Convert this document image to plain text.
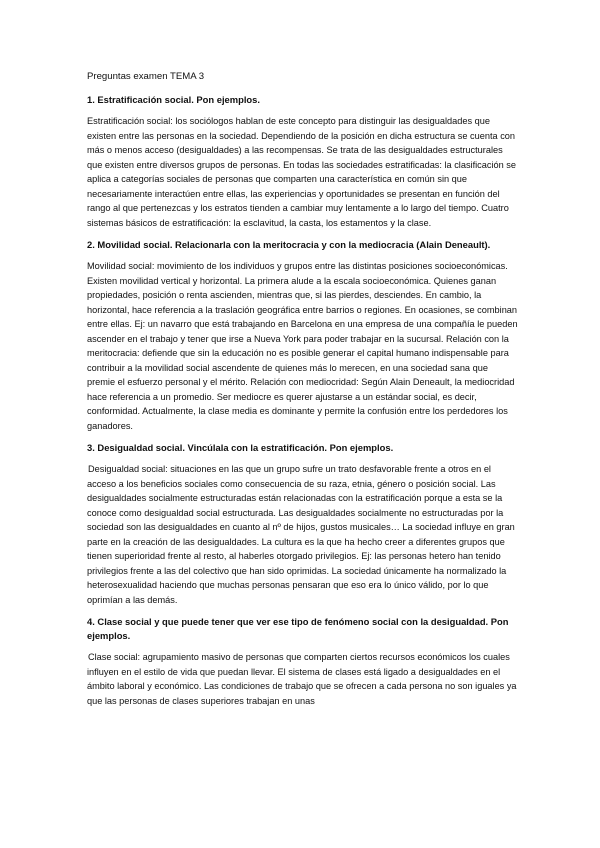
Preguntas examen TEMA 3

1. Estratificación social. Pon ejemplos.

Estratificación social: los sociólogos hablan de este concepto para distinguir las desigualdades que existen entre las personas en la sociedad. Dependiendo de la posición en dicha estructura se cuenta con más o menos acceso (desigualdades) a las recompensas. Se trata de las desigualdades estructurales que existen entre diversos grupos de personas. En todas las sociedades estratificadas: la clasificación se aplica a categorías sociales de personas que comparten una característica en común sin que necesariamente interactúen entre ellas, las experiencias y oportunidades se presentan en función del rango al que pertenezcas y los estratos tienden a cambiar muy lentamente a lo largo del tiempo. Cuatro sistemas básicos de estratificación: la esclavitud, la casta, los estamentos y la clase.

2. Movilidad social. Relacionarla con la meritocracia y con la mediocracia (Alain Deneault).

Movilidad social: movimiento de los individuos y grupos entre las distintas posiciones socioeconómicas. Existen movilidad vertical y horizontal. La primera alude a la escala socioeconómica. Quienes ganan propiedades, posición o renta ascienden, mientras que, si las pierdes, desciendes. En cambio, la horizontal, hace referencia a la traslación geográfica entre barrios o regiones. En ocasiones, se combinan entre ellas. Ej: un navarro que está trabajando en Barcelona en una empresa de una compañía le pueden ascender en el trabajo y tener que irse a Nueva York para poder trabajar en la sucursal. Relación con la meritocracia: defiende que sin la educación no es posible generar el capital humano indispensable para contribuir a la movilidad social ascendente de quienes más lo merecen, en una sociedad sana que premie el esfuerzo personal y el mérito. Relación con mediocridad: Según Alain Deneault, la mediocridad hace referencia a un promedio. Ser mediocre es querer ajustarse a un estándar social, es decir, conformidad. Actualmente, la clase media es dominante y permite la confusión entre los perdedores los ganadores.

3. Desigualdad social. Vincúlala con la estratificación. Pon ejemplos.

Desigualdad social: situaciones en las que un grupo sufre un trato desfavorable frente a otros en el acceso a los beneficios sociales como consecuencia de su raza, etnia, género o posición social. Las desigualdades socialmente estructuradas están relacionadas con la estratificación porque a esta se la conoce como desigualdad social estructurada. Las desigualdades socialmente no estructuradas por la sociedad son las desigualdades en cuanto al nº de hijos, gustos musicales… La sociedad influye en gran parte en la creación de las desigualdades. La cultura es la que ha hecho creer a diferentes grupos que tienen superioridad frente al resto, al haberles otorgado privilegios. Ej: las personas hetero han tenido privilegios frente a las del colectivo que han sido oprimidas. La sociedad únicamente ha normalizado la heterosexualidad haciendo que muchas personas pensaran que eso era lo único válido, por lo que oprimían a las demás.

4. Clase social y que puede tener que ver ese tipo de fenómeno social con la desigualdad. Pon ejemplos.

Clase social: agrupamiento masivo de personas que comparten ciertos recursos económicos los cuales influyen en el estilo de vida que puedan llevar. El sistema de clases está ligado a desigualdades en el ámbito laboral y económico. Las condiciones de trabajo que se ofrecen a cada persona no son iguales ya que las personas de clases superiores trabajan en unas
